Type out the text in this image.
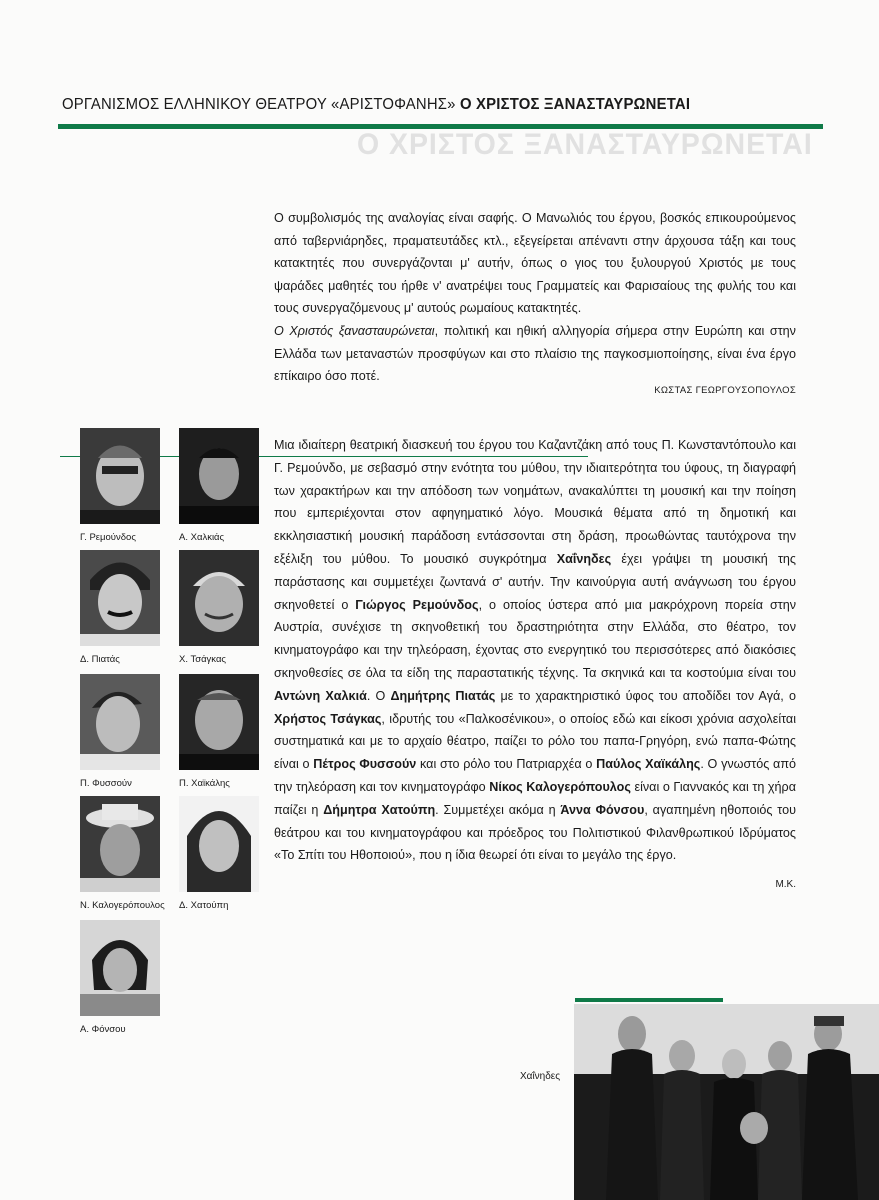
ΟΡΓΑΝΙΣΜΟΣ ΕΛΛΗΝΙΚΟΥ ΘΕΑΤΡΟΥ «ΑΡΙΣΤΟΦΑΝΗΣ» Ο ΧΡΙΣΤΟΣ ΞΑΝΑΣΤΑΥΡΩΝΕΤΑΙ
Ο ΧΡΙΣΤΟΣ ΞΑΝΑΣΤΑΥΡΩΝΕΤΑΙ

Ο συμβολισμός της αναλογίας είναι σαφής. Ο Μανωλιός του έργου, βοσκός επικουρούμενος από ταβερνιάρηδες, πραματευτάδες κτλ., εξεγείρεται απέναντι στην άρχουσα τάξη και τους κατακτητές που συνεργάζονται μ' αυτήν, όπως ο γιος του ξυλουργού Χριστός με τους ψαράδες μαθητές του ήρθε ν' ανατρέψει τους Γραμματείς και Φαρισαίους της φυλής του και τους συνεργαζόμενους μ' αυτούς ρωμαίους κατακτητές.

Ο Χριστός ξανασταυρώνεται, πολιτική και ηθική αλληγορία σήμερα στην Ευρώπη και στην Ελλάδα των μεταναστών προσφύγων και στο πλαίσιο της παγκοσμιοποίησης, είναι ένα έργο επίκαιρο όσο ποτέ.

ΚΩΣΤΑΣ ΓΕΩΡΓΟΥΣΟΠΟΥΛΟΣ

Μια ιδιαίτερη θεατρική διασκευή του έργου του Καζαντζάκη από τους Π. Κωνσταντόπουλο και Γ. Ρεμούνδο, με σεβασμό στην ενότητα του μύθου, την ιδιαιτερότητα του ύφους, τη διαγραφή των χαρακτήρων και την απόδοση των νοημάτων, ανακαλύπτει τη μουσική και την ποίηση που εμπεριέχονται στον αφηγηματικό λόγο. Μουσικά θέματα από τη δημοτική και εκκλησιαστική μουσική παράδοση εντάσσονται στη δράση, προωθώντας ταυτόχρονα την εξέλιξη του μύθου. Το μουσικό συγκρότημα Χαΐνηδες έχει γράψει τη μουσική της παράστασης και συμμετέχει ζωντανά σ' αυτήν. Την καινούργια αυτή ανάγνωση του έργου σκηνοθετεί ο Γιώργος Ρεμούνδος, ο οποίος ύστερα από μια μακρόχρονη πορεία στην Αυστρία, συνέχισε τη σκηνοθετική του δραστηριότητα στην Ελλάδα, στο θέατρο, τον κινηματογράφο και την τηλεόραση, έχοντας στο ενεργητικό του περισσότερες από διακόσιες σκηνοθεσίες σε όλα τα είδη της παραστατικής τέχνης. Τα σκηνικά και τα κοστούμια είναι του Αντώνη Χαλκιά. Ο Δημήτρης Πιατάς με το χαρακτηριστικό ύφος του αποδίδει τον Αγά, ο Χρήστος Τσάγκας, ιδρυτής του «Παλκοσένικου», ο οποίος εδώ και είκοσι χρόνια ασχολείται συστηματικά και με το αρχαίο θέατρο, παίζει το ρόλο του παπα-Γρηγόρη, ενώ παπα-Φώτης είναι ο Πέτρος Φυσσούν και στο ρόλο του Πατριαρχέα ο Παύλος Χαϊκάλης. Ο γνωστός από την τηλεόραση και τον κινηματογράφο Νίκος Καλογερόπουλος είναι ο Γιαννακός και τη χήρα παίζει η Δήμητρα Χατούπη. Συμμετέχει ακόμα η Άννα Φόνσου, αγαπημένη ηθοποιός του θεάτρου και του κινηματογράφου και πρόεδρος του Πολιτιστικού Φιλανθρωπικού Ιδρύματος «Το Σπίτι του Ηθοποιού», που η ίδια θεωρεί ότι είναι το μεγάλο της έργο.

Μ.Κ.
Γ. Ρεμούνδος	Α. Χαλκιάς
Δ. Πιατάς	Χ. Τσάγκας
Π. Φυσσούν	Π. Χαϊκάλης
Ν. Καλογερόπουλος Δ. Χατούπη
Α. Φόνσου
Χαΐνηδες
